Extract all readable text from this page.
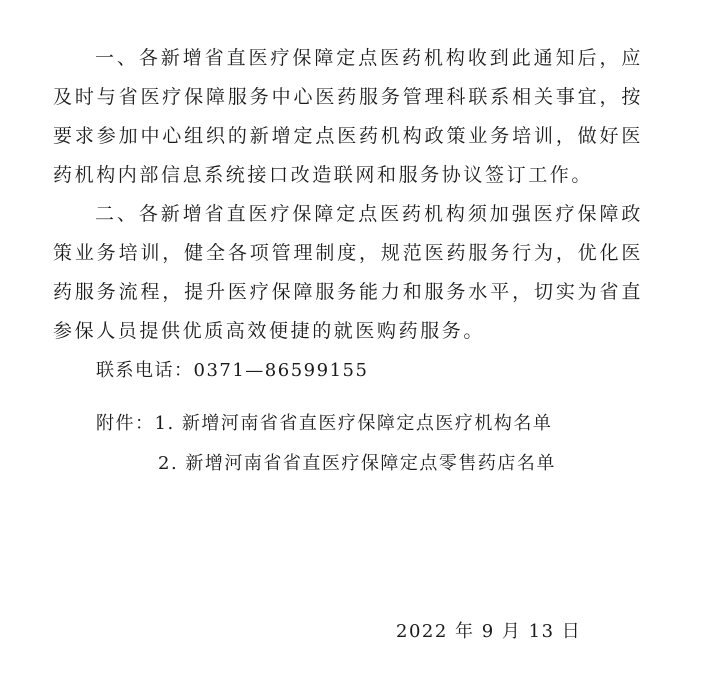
一、各新增省直医疗保障定点医药机构收到此通知后，应及时与省医疗保障服务中心医药服务管理科联系相关事宜，按要求参加中心组织的新增定点医药机构政策业务培训，做好医药机构内部信息系统接口改造联网和服务协议签订工作。

二、各新增省直医疗保障定点医药机构须加强医疗保障政策业务培训，健全各项管理制度，规范医药服务行为，优化医药服务流程，提升医疗保障服务能力和服务水平，切实为省直参保人员提供优质高效便捷的就医购药服务。

联系电话：0371—86599155

附件：1. 新增河南省省直医疗保障定点医疗机构名单

2. 新增河南省省直医疗保障定点零售药店名单

2022 年 9 月 13 日
